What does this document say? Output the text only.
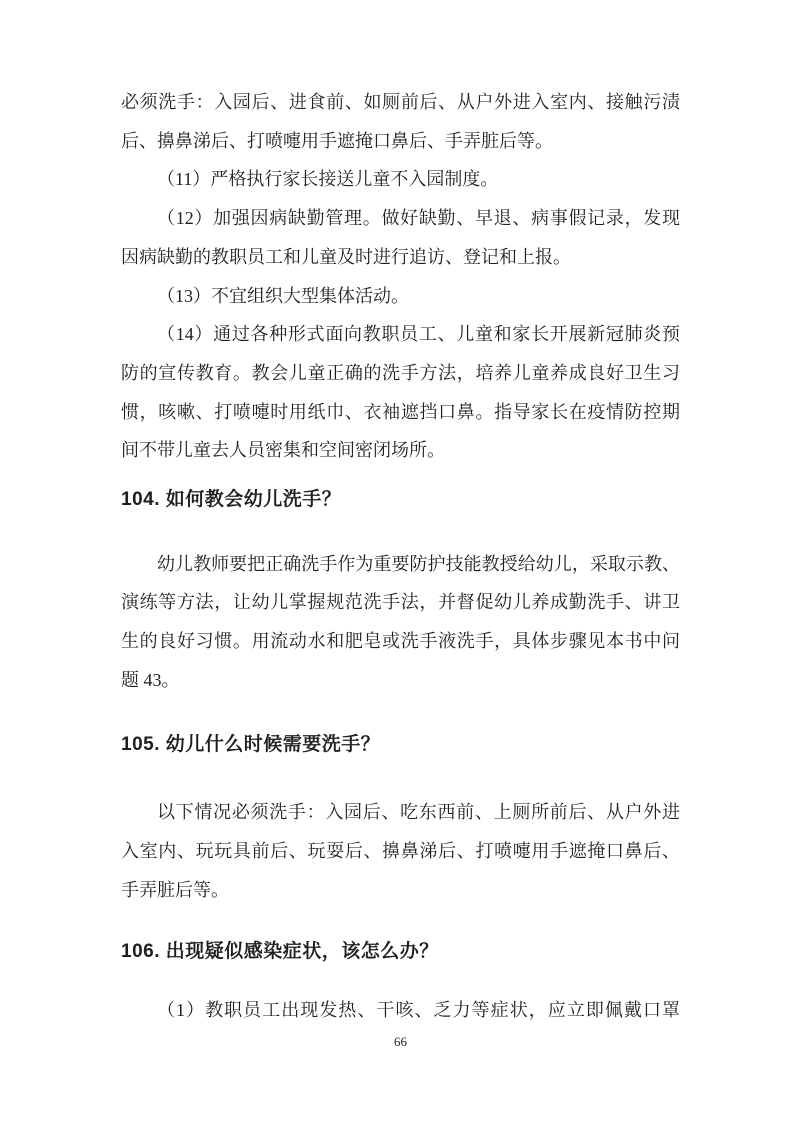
必须洗手：入园后、进食前、如厕前后、从户外进入室内、接触污渍
后、擤鼻涕后、打喷嚏用手遮掩口鼻后、手弄脏后等。
（11）严格执行家长接送儿童不入园制度。
（12）加强因病缺勤管理。做好缺勤、早退、病事假记录，发现
因病缺勤的教职员工和儿童及时进行追访、登记和上报。
（13）不宜组织大型集体活动。
（14）通过各种形式面向教职员工、儿童和家长开展新冠肺炎预
防的宣传教育。教会儿童正确的洗手方法，培养儿童养成良好卫生习
惯，咳嗽、打喷嚏时用纸巾、衣袖遮挡口鼻。指导家长在疫情防控期
间不带儿童去人员密集和空间密闭场所。
104. 如何教会幼儿洗手？
幼儿教师要把正确洗手作为重要防护技能教授给幼儿，采取示教、
演练等方法，让幼儿掌握规范洗手法，并督促幼儿养成勤洗手、讲卫
生的良好习惯。用流动水和肥皂或洗手液洗手，具体步骤见本书中问
题 43。
105. 幼儿什么时候需要洗手？
以下情况必须洗手：入园后、吃东西前、上厕所前后、从户外进
入室内、玩玩具前后、玩耍后、擤鼻涕后、打喷嚏用手遮掩口鼻后、
手弄脏后等。
106. 出现疑似感染症状，该怎么办？
（1）教职员工出现发热、干咳、乏力等症状，应立即佩戴口罩
66
